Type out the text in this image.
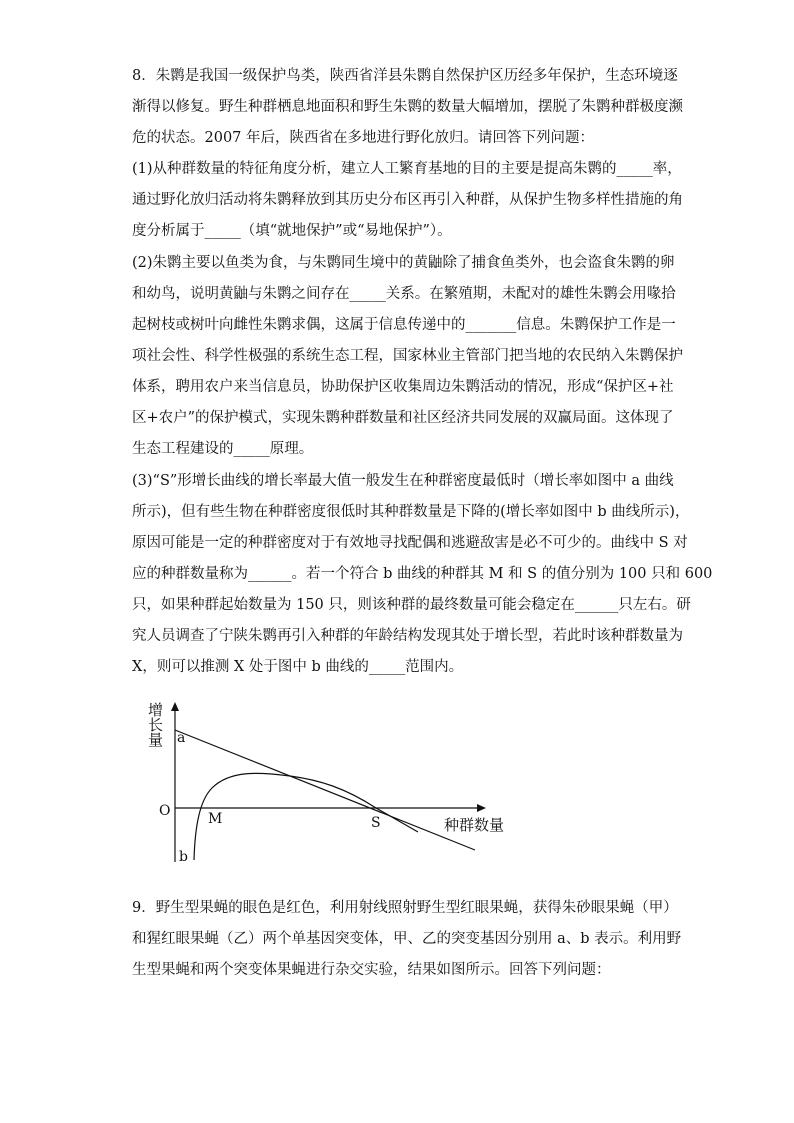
8．朱鹮是我国一级保护鸟类，陕西省洋县朱鹮自然保护区历经多年保护，生态环境逐
渐得以修复。野生种群栖息地面积和野生朱鹮的数量大幅增加，摆脱了朱鹮种群极度濒
危的状态。2007 年后，陕西省在多地进行野化放归。请回答下列问题：
(1)从种群数量的特征角度分析，建立人工繁育基地的目的主要是提高朱鹮的_____率，
通过野化放归活动将朱鹮释放到其历史分布区再引入种群，从保护生物多样性措施的角
度分析属于_____（填“就地保护”或“易地保护”）。
(2)朱鹮主要以鱼类为食，与朱鹮同生境中的黄鼬除了捕食鱼类外，也会盗食朱鹮的卵
和幼鸟，说明黄鼬与朱鹮之间存在_____关系。在繁殖期，未配对的雄性朱鹮会用喙拾
起树枝或树叶向雌性朱鹮求偶，这属于信息传递中的_______信息。朱鹮保护工作是一
项社会性、科学性极强的系统生态工程，国家林业主管部门把当地的农民纳入朱鹮保护
体系，聘用农户来当信息员，协助保护区收集周边朱鹮活动的情况，形成“保护区+社
区+农户”的保护模式，实现朱鹮种群数量和社区经济共同发展的双赢局面。这体现了
生态工程建设的_____原理。
(3)“S”形增长曲线的增长率最大值一般发生在种群密度最低时（增长率如图中 a 曲线
所示)，但有些生物在种群密度很低时其种群数量是下降的(增长率如图中 b 曲线所示)，
原因可能是一定的种群密度对于有效地寻找配偶和逃避敌害是必不可少的。曲线中 S 对
应的种群数量称为______。若一个符合 b 曲线的种群其 M 和 S 的值分别为 100 只和 600
只，如果种群起始数量为 150 只，则该种群的最终数量可能会稳定在______只左右。研
究人员调查了宁陕朱鹮再引入种群的年龄结构发现其处于增长型，若此时该种群数量为
X，则可以推测 X 处于图中 b 曲线的_____范围内。
增长量 a
O	M	S
b
种群数量
9．野生型果蝇的眼色是红色，利用射线照射野生型红眼果蝇，获得朱砂眼果蝇（甲）
和猩红眼果蝇（乙）两个单基因突变体，甲、乙的突变基因分别用 a、b 表示。利用野
生型果蝇和两个突变体果蝇进行杂交实验，结果如图所示。回答下列问题：
